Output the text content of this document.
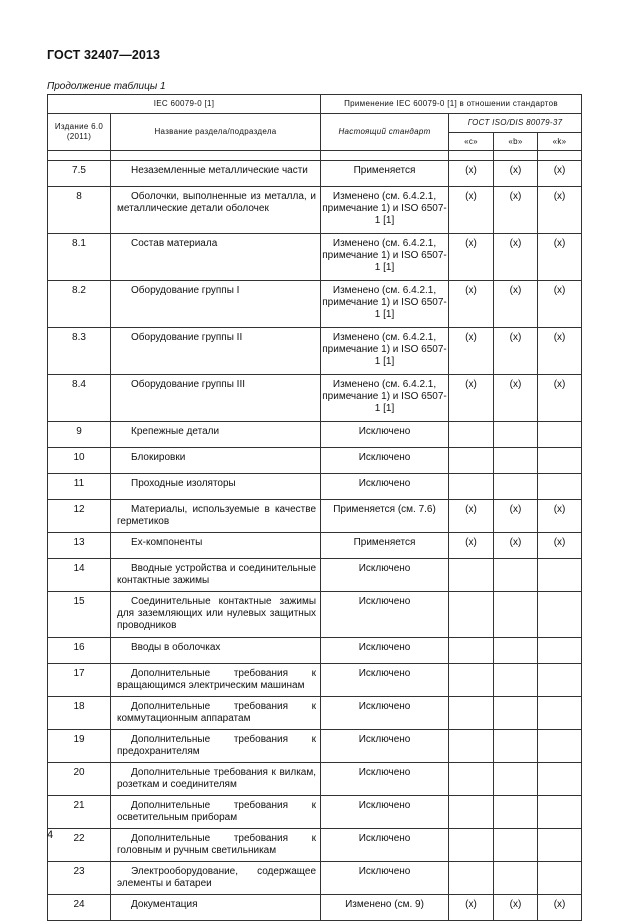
ГОСТ 32407—2013
Продолжение таблицы 1
IEC 60079-0 [1]		Применение IEC 60079-0 [1] в отношении стандартов			
Издание 6.0 (2011)	Название раздела/подраздела	Настоящий стандарт	ГОСТ ISO/DIS 80079-37		
			«c»	«b»	«k»

7.5	Незаземленные металлические части	Применяется	(x)	(x)	(x)
8	Оболочки, выполненные из металла, и металлические детали оболочек	Изменено (см. 6.4.2.1, примечание 1) и ISO 6507-1 [1]	(x)	(x)	(x)
8.1	Состав материала	Изменено (см. 6.4.2.1, примечание 1) и ISO 6507-1 [1]	(x)	(x)	(x)
8.2	Оборудование группы I	Изменено (см. 6.4.2.1, примечание 1) и ISO 6507-1 [1]	(x)	(x)	(x)
8.3	Оборудование группы II	Изменено (см. 6.4.2.1, примечание 1) и ISO 6507-1 [1]	(x)	(x)	(x)
8.4	Оборудование группы III	Изменено (см. 6.4.2.1, примечание 1) и ISO 6507-1 [1]	(x)	(x)	(x)
9	Крепежные детали	Исключено			
10	Блокировки	Исключено			
11	Проходные изоляторы	Исключено			
12	Материалы, используемые в качестве герметиков	Применяется (см. 7.6)	(x)	(x)	(x)
13	Ex-компоненты	Применяется	(x)	(x)	(x)
14	Вводные устройства и соединительные контактные зажимы	Исключено			
15	Соединительные контактные зажимы для заземляющих или нулевых защитных проводников	Исключено			
16	Вводы в оболочках	Исключено			
17	Дополнительные требования к вращающимся электрическим машинам	Исключено			
18	Дополнительные требования к коммутационным аппаратам	Исключено			
19	Дополнительные требования к предохранителям	Исключено			
20	Дополнительные требования к вилкам, розеткам и соединителям	Исключено			
21	Дополнительные требования к осветительным приборам	Исключено			
22	Дополнительные требования к головным и ручным светильникам	Исключено			
23	Электрооборудование, содержащее элементы и батареи	Исключено			
24	Документация	Изменено (см. 9)	(x)	(x)	(x)
4
